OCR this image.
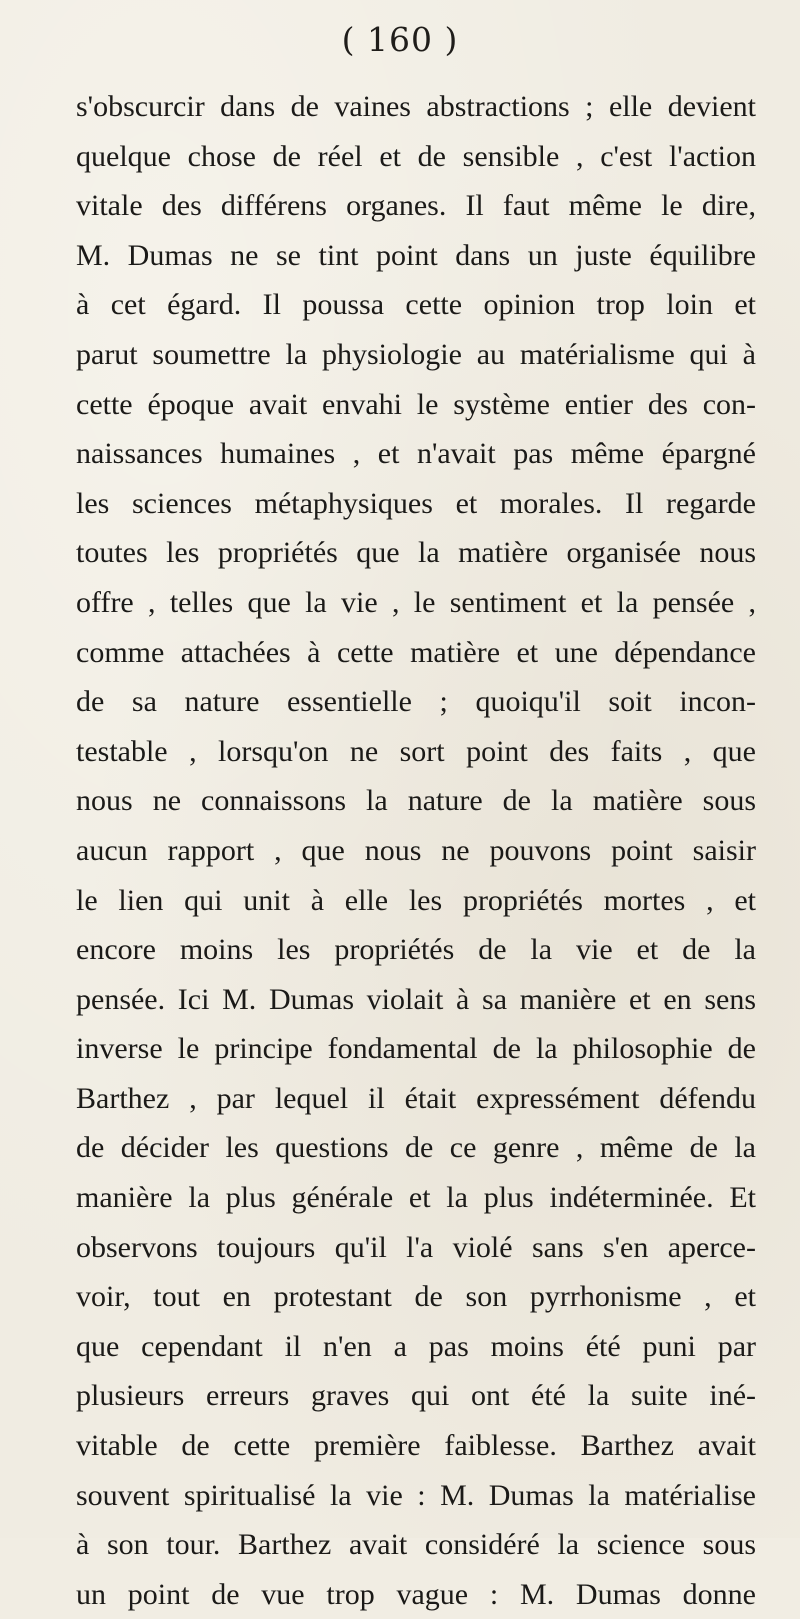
( 160 )
s'obscurcir dans de vaines abstractions ; elle devient
quelque chose de réel et de sensible , c'est l'action
vitale des différens organes. Il faut même le dire,
M. Dumas ne se tint point dans un juste équilibre
à cet égard. Il poussa cette opinion trop loin et
parut soumettre la physiologie au matérialisme qui à
cette époque avait envahi le système entier des con-
naissances humaines , et n'avait pas même épargné
les sciences métaphysiques et morales. Il regarde
toutes les propriétés que la matière organisée nous
offre , telles que la vie , le sentiment et la pensée ,
comme attachées à cette matière et une dépendance
de sa nature essentielle ; quoiqu'il soit incon-
testable , lorsqu'on ne sort point des faits , que
nous ne connaissons la nature de la matière sous
aucun rapport , que nous ne pouvons point saisir
le lien qui unit à elle les propriétés mortes , et
encore moins les propriétés de la vie et de la
pensée. Ici M. Dumas violait à sa manière et en sens
inverse le principe fondamental de la philosophie de
Barthez , par lequel il était expressément défendu
de décider les questions de ce genre , même de la
manière la plus générale et la plus indéterminée. Et
observons toujours qu'il l'a violé sans s'en aperce-
voir, tout en protestant de son pyrrhonisme , et
que cependant il n'en a pas moins été puni par
plusieurs erreurs graves qui ont été la suite iné-
vitable de cette première faiblesse. Barthez avait
souvent spiritualisé la vie : M. Dumas la matérialise
à son tour. Barthez avait considéré la science sous
un point de vue trop vague : M. Dumas donne
